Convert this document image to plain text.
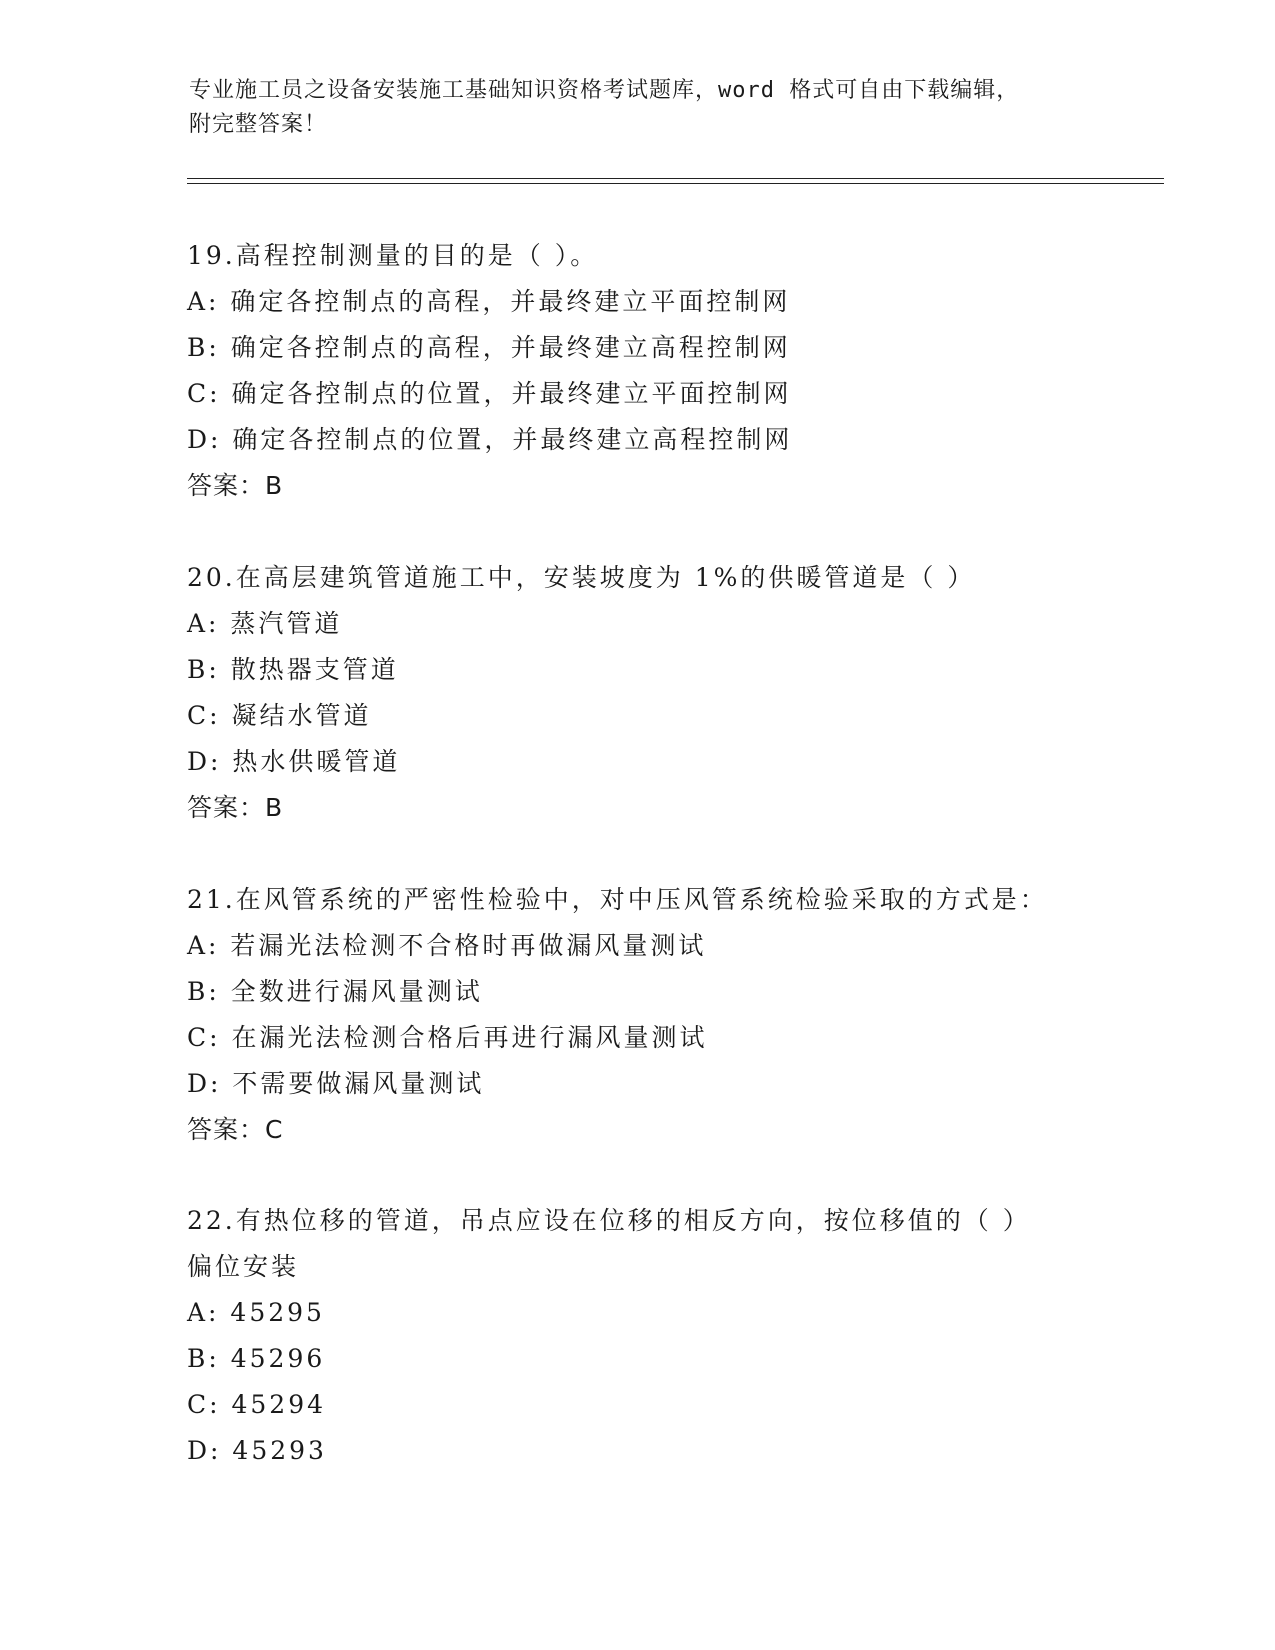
专业施工员之设备安装施工基础知识资格考试题库，word 格式可自由下载编辑，
附完整答案！
19.高程控制测量的目的是（ ）。
A: 确定各控制点的高程，并最终建立平面控制网
B: 确定各控制点的高程，并最终建立高程控制网
C: 确定各控制点的位置，并最终建立平面控制网
D: 确定各控制点的位置，并最终建立高程控制网
答案：B
20.在高层建筑管道施工中，安装坡度为 1%的供暖管道是（ ）
A: 蒸汽管道
B: 散热器支管道
C: 凝结水管道
D: 热水供暖管道
答案：B
21.在风管系统的严密性检验中，对中压风管系统检验采取的方式是：
A: 若漏光法检测不合格时再做漏风量测试
B: 全数进行漏风量测试
C: 在漏光法检测合格后再进行漏风量测试
D: 不需要做漏风量测试
答案：C
22.有热位移的管道，吊点应设在位移的相反方向，按位移值的（ ）
偏位安装
A: 45295
B: 45296
C: 45294
D: 45293
